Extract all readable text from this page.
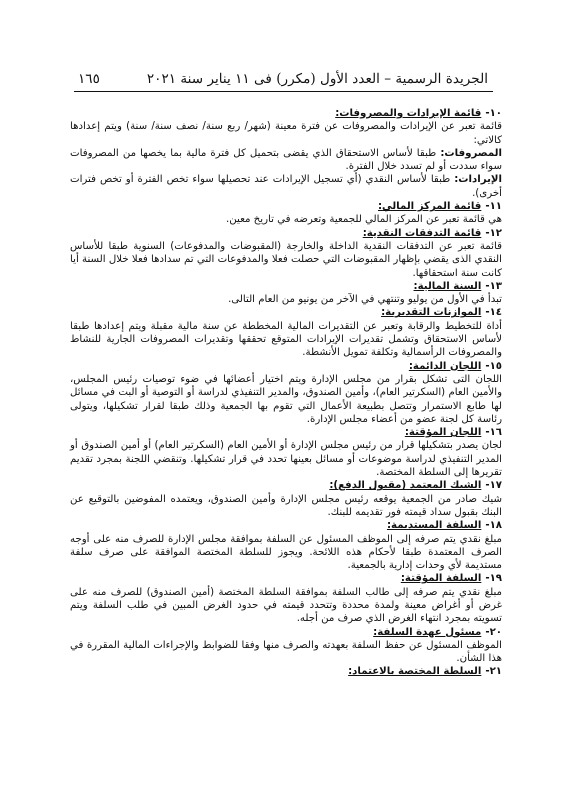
الجريدة الرسمية – العدد الأول (مكرر) فى ١١ يناير سنة ٢٠٢١
١٦٥

١٠-قائمة الإيرادات والمصروفات:

قائمة تعبر عن الإيرادات والمصروفات عن فترة معينة (شهر/ ربع سنة/ نصف سنة/ سنة) ويتم إعدادها كالاتي:

المصروفات: طبقا لأساس الاستحقاق الذي يقضى بتحميل كل فترة مالية بما يخصها من المصروفات سواء سددت أو لم تسدد خلال الفترة.

الإيرادات: طبقا لأساس النقدي (أي تسجيل الإيرادات عند تحصيلها سواء تخص الفترة أو تخص فترات أخرى).

١١-قائمة المركز المالي:

هي قائمة تعبر عن المركز المالي للجمعية وتعرضه في تاريخ معين.

١٢-قائمة التدفقات النقدية:

قائمة تعبر عن التدفقات النقدية الداخلة والخارجة (المقبوضات والمدفوعات) السنوية طبقا للأساس النقدي الذى يقضي بإظهار المقبوضات التي حصلت فعلا والمدفوعات التي تم سدادها فعلا خلال السنة أيا كانت سنة استحقاقها.

١٣-السنة المالية:

تبدأ في الأول من يوليو وتنتهي في الآخر من يونيو من العام التالى.

١٤-الموازنات التقديرية:

أداة للتخطيط والرقابة وتعبر عن التقديرات المالية المخططة عن سنة مالية مقبلة ويتم إعدادها طبقا لأساس الاستحقاق وتشمل تقديرات الإيرادات المتوقع تحققها وتقديرات المصروفات الجارية للنشاط والمصروفات الرأسمالية وتكلفة تمويل الأنشطة.

١٥-اللجان الدائمة:

اللجان التى تشكل بقرار من مجلس الإدارة ويتم اختيار أعضائها في ضوء توصيات رئيس المجلس، والأمين العام (السكرتير العام)، وأمين الصندوق، والمدير التنفيذي لدراسة أو التوصية أو البت في مسائل لها طابع الاستمرار وتتصل بطبيعة الأعمال التي تقوم بها الجمعية وذلك طبقا لقرار تشكيلها، ويتولى رئاسة كل لجنة عضو من أعضاء مجلس الإدارة.

١٦-اللجان المؤقتة:

لجان يصدر بتشكيلها قرار من رئيس مجلس الإدارة أو الأمين العام (السكرتير العام) أو أمين الصندوق أو المدير التنفيذي لدراسة موضوعات أو مسائل بعينها تحدد في قرار تشكيلها. وتنقضي اللجنة بمجرد تقديم تقريرها إلى السلطة المختصة.

١٧-الشيك المعتمد (مقبول الدفع):

شيك صادر من الجمعية يوقعه رئيس مجلس الإدارة وأمين الصندوق، ويعتمده المفوضين بالتوقيع عن البنك بقبول سداد قيمته فور تقديمه للبنك.

١٨-السلفة المستديمة:

مبلغ نقدي يتم صرفه إلى الموظف المسئول عن السلفة بموافقة مجلس الإدارة للصرف منه على أوجه الصرف المعتمدة طبقا لأحكام هذه اللائحة. ويجوز للسلطة المختصة الموافقة على صرف سلفة مستديمة لأي وحدات إدارية بالجمعية.

١٩-السلفة المؤقتة:

مبلغ نقدي يتم صرفه إلى طالب السلفة بموافقة السلطة المختصة (أمين الصندوق) للصرف منه على غرض أو أغراض معينة ولمدة محددة وتتحدد قيمته في حدود الغرض المبين في طلب السلفة ويتم تسويته بمجرد انتهاء الغرض الذي صرف من أجله.

٢٠-مسئول عهدة السلفة:

الموظف المسئول عن حفظ السلفة بعهدته والصرف منها وفقا للضوابط والإجراءات المالية المقررة في هذا الشأن.

٢١-السلطة المختصة بالاعتماد:
